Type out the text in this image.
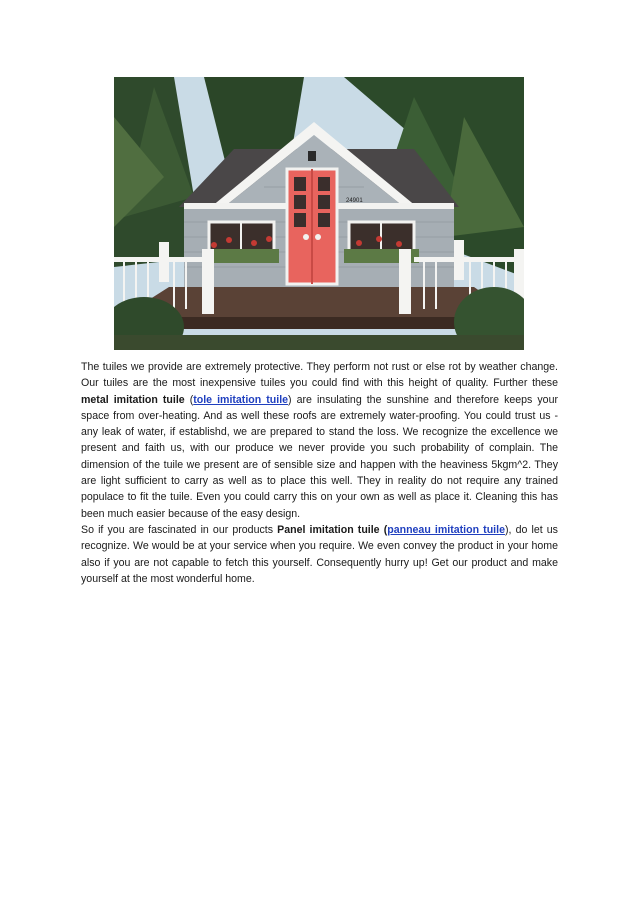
24901

The tuiles we provide are extremely protective. They perform not rust or else rot by weather change. Our tuiles are the most inexpensive tuiles you could find with this height of quality. Further these metal imitation tuile (tole imitation tuile) are insulating the sunshine and therefore keeps your space from over-heating. And as well these roofs are extremely water-proofing. You could trust us - any leak of water, if establishd, we are prepared to stand the loss. We recognize the excellence we present and faith us, with our produce we never provide you such probability of complain. The dimension of the tuile we present are of sensible size and happen with the heaviness 5kgm^2. They are light sufficient to carry as well as to place this well. They in reality do not require any trained populace to fit the tuile. Even you could carry this on your own as well as place it. Cleaning this has been much easier because of the easy design.

So if you are fascinated in our products Panel imitation tuile (panneau imitation tuile), do let us recognize. We would be at your service when you require. We even convey the product in your home also if you are not capable to fetch this yourself. Consequently hurry up! Get our product and make yourself at the most wonderful home.
